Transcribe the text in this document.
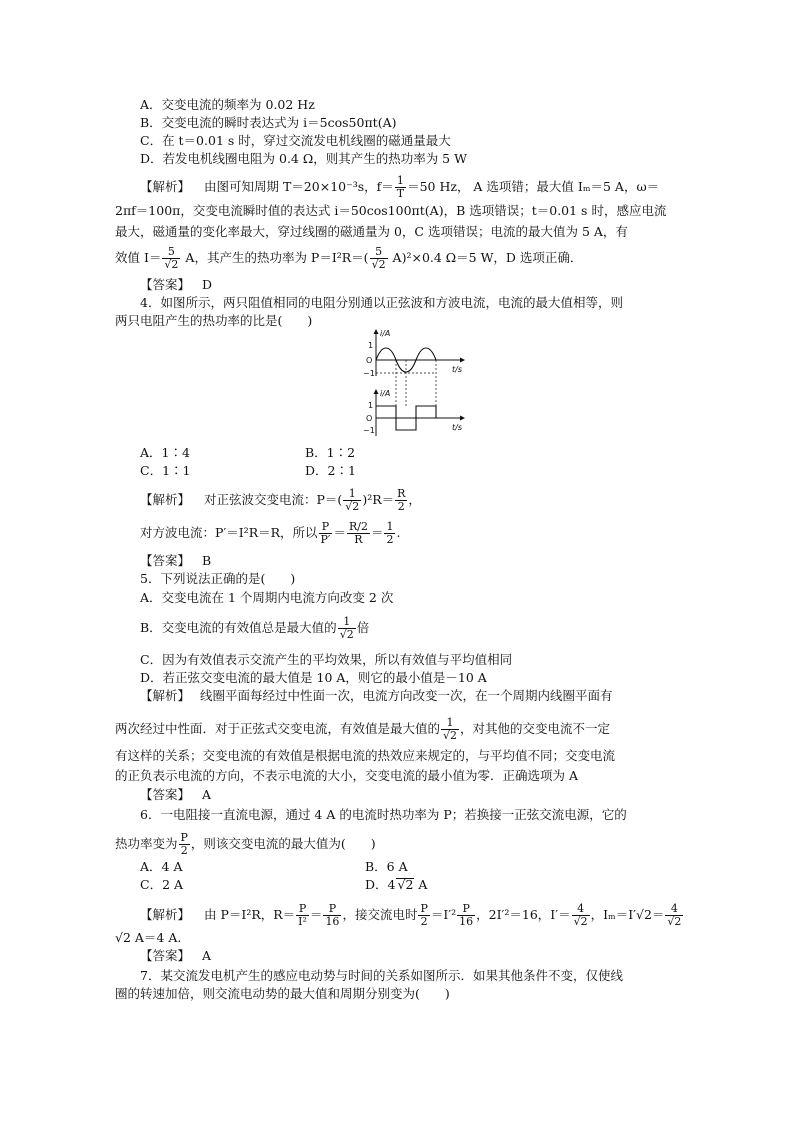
A．交变电流的频率为 0.02 Hz
B．交变电流的瞬时表达式为 i＝5cos50πt(A)
C．在 t＝0.01 s 时，穿过交流发电机线圈的磁通量最大
D．若发电机线圈电阻为 0.4 Ω，则其产生的热功率为 5 W
【解析】 由图可知周期 T＝20×10⁻³s，$f= \frac{1}{T} =50$ Hz， A 选项错；最大值 Iₘ＝5 A，ω＝
2πf＝100π，交变电流瞬时值的表达式 i＝50cos100πt(A)，B 选项错误；t＝0.01 s 时，感应电流
最大，磁通量的变化率最大，穿过线圈的磁通量为 0，C 选项错误；电流的最大值为 5 A，有
效值 $I= \frac{5}{√2}$ A，其产生的热功率为 $P=I^2R=( \frac{5}{√2} A)^2\times 0.4$ Ω＝5 W，D 选项正确．
【答案】 D
4．如图所示，两只阻值相同的电阻分别通以正弦波和方波电流，电流的最大值相等，则
两只电阻产生的热功率的比是(　　)
i/A
1
O
−1	t/s
i/A
1
O
−1	t/s
A．1∶4	B．1∶2
C．1∶1	D．2∶1
【解析】 对正弦波交变电流：$P=( \frac{1}{√2} )^2R= \frac{R}{2}$ ，
对方波电流：P′＝I²R＝R，所以 $\frac{P}{P'} = \frac{R/2}{R} = \frac{1}{2}$ .
【答案】 B
5．下列说法正确的是(　　)
A．交变电流在 1 个周期内电流方向改变 2 次
B．交变电流的有效值总是最大值的 $\frac{1}{√2}$ 倍
C．因为有效值表示交流产生的平均效果，所以有效值与平均值相同
D．若正弦交变电流的最大值是 10 A，则它的最小值是－10 A
【解析】 线圈平面每经过中性面一次，电流方向改变一次，在一个周期内线圈平面有
两次经过中性面．对于正弦式交变电流，有效值是最大值的 $\frac{1}{√2}$ ，对其他的交变电流不一定
有这样的关系；交变电流的有效值是根据电流的热效应来规定的，与平均值不同；交变电流
的正负表示电流的方向，不表示电流的大小，交变电流的最小值为零．正确选项为 A
【答案】 A
6．一电阻接一直流电源，通过 4 A 的电流时热功率为 P；若换接一正弦交流电源，它的
热功率变为 $\frac{P}{2}$ ，则该交变电流的最大值为(　　)
A．4 A	B．6 A
C．2 A	D．4 √2 A
【解析】 由 P＝I²R，$R= \frac{P}{\text{I²}} = \frac{P}{16}$ ，接交流电时 $\frac{P}{2} =I'^2 \frac{P}{16}$ ，2I′²＝16，$I'= \frac{4}{√2}$ ，$I_m=I'√2= \frac{4}{√2}$
√2 A＝4 A.
【答案】 A
7．某交流发电机产生的感应电动势与时间的关系如图所示．如果其他条件不变，仅使线
圈的转速加倍，则交流电动势的最大值和周期分别变为(　　)
